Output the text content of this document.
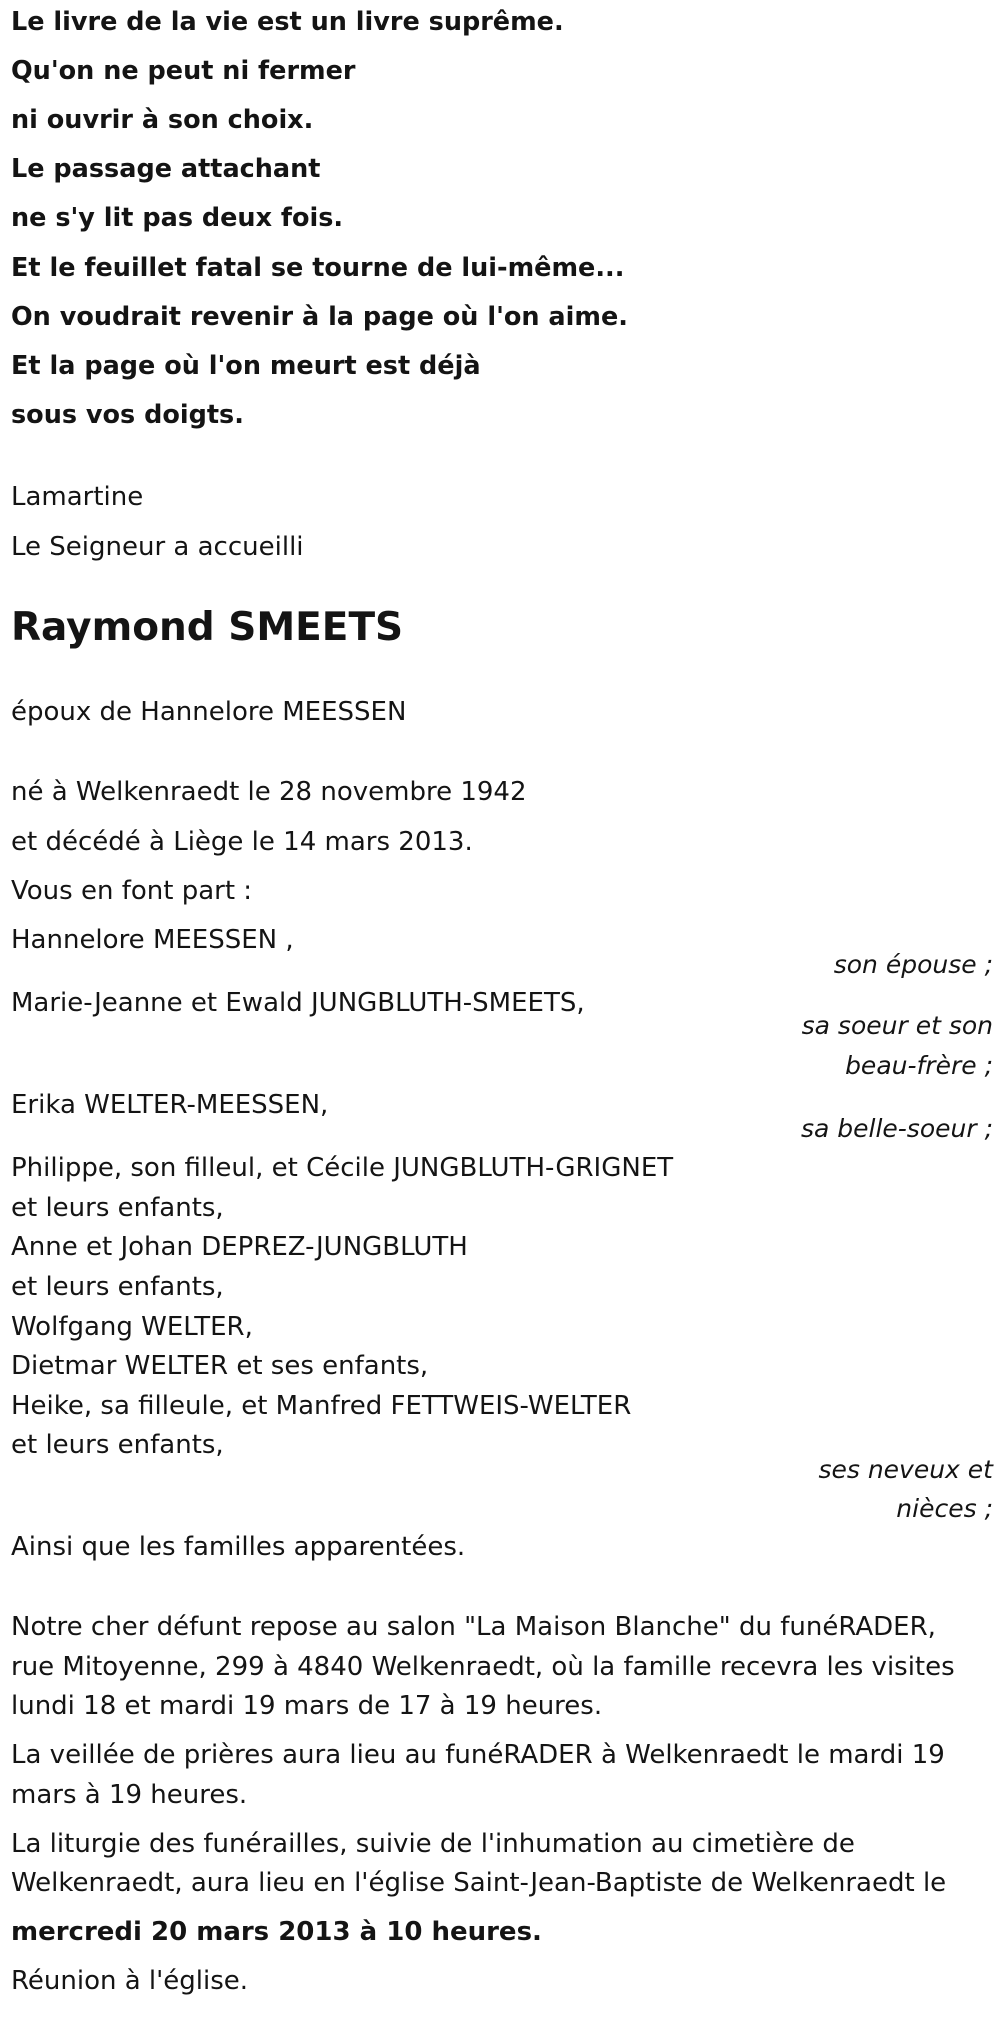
Le livre de la vie est un livre suprême.
Qu'on ne peut ni fermer
ni ouvrir à son choix.
Le passage attachant
ne s'y lit pas deux fois.
Et le feuillet fatal se tourne de lui-même...
On voudrait revenir à la page où l'on aime.
Et la page où l'on meurt est déjà
sous vos doigts.
Lamartine
Le Seigneur a accueilli
Raymond SMEETS
époux de Hannelore MEESSEN
né à Welkenraedt le 28 novembre 1942
et décédé à Liège le 14 mars 2013.
Vous en font part :
Hannelore MEESSEN ,
son épouse ;
Marie-Jeanne et Ewald JUNGBLUTH-SMEETS,
sa soeur et son
beau-frère ;
Erika WELTER-MEESSEN,
sa belle-soeur ;
Philippe, son filleul, et Cécile JUNGBLUTH-GRIGNET
et leurs enfants,
Anne et Johan DEPREZ-JUNGBLUTH
et leurs enfants,
Wolfgang WELTER,
Dietmar WELTER et ses enfants,
Heike, sa filleule, et Manfred FETTWEIS-WELTER
et leurs enfants,
ses neveux et
nièces ;
Ainsi que les familles apparentées.
Notre cher défunt repose au salon "La Maison Blanche" du funéRADER,
rue Mitoyenne, 299 à 4840 Welkenraedt, où la famille recevra les visites
lundi 18 et mardi 19 mars de 17 à 19 heures.
La veillée de prières aura lieu au funéRADER à Welkenraedt le mardi 19
mars à 19 heures.
La liturgie des funérailles, suivie de l'inhumation au cimetière de
Welkenraedt, aura lieu en l'église Saint-Jean-Baptiste de Welkenraedt le
mercredi 20 mars 2013 à 10 heures.
Réunion à l'église.
